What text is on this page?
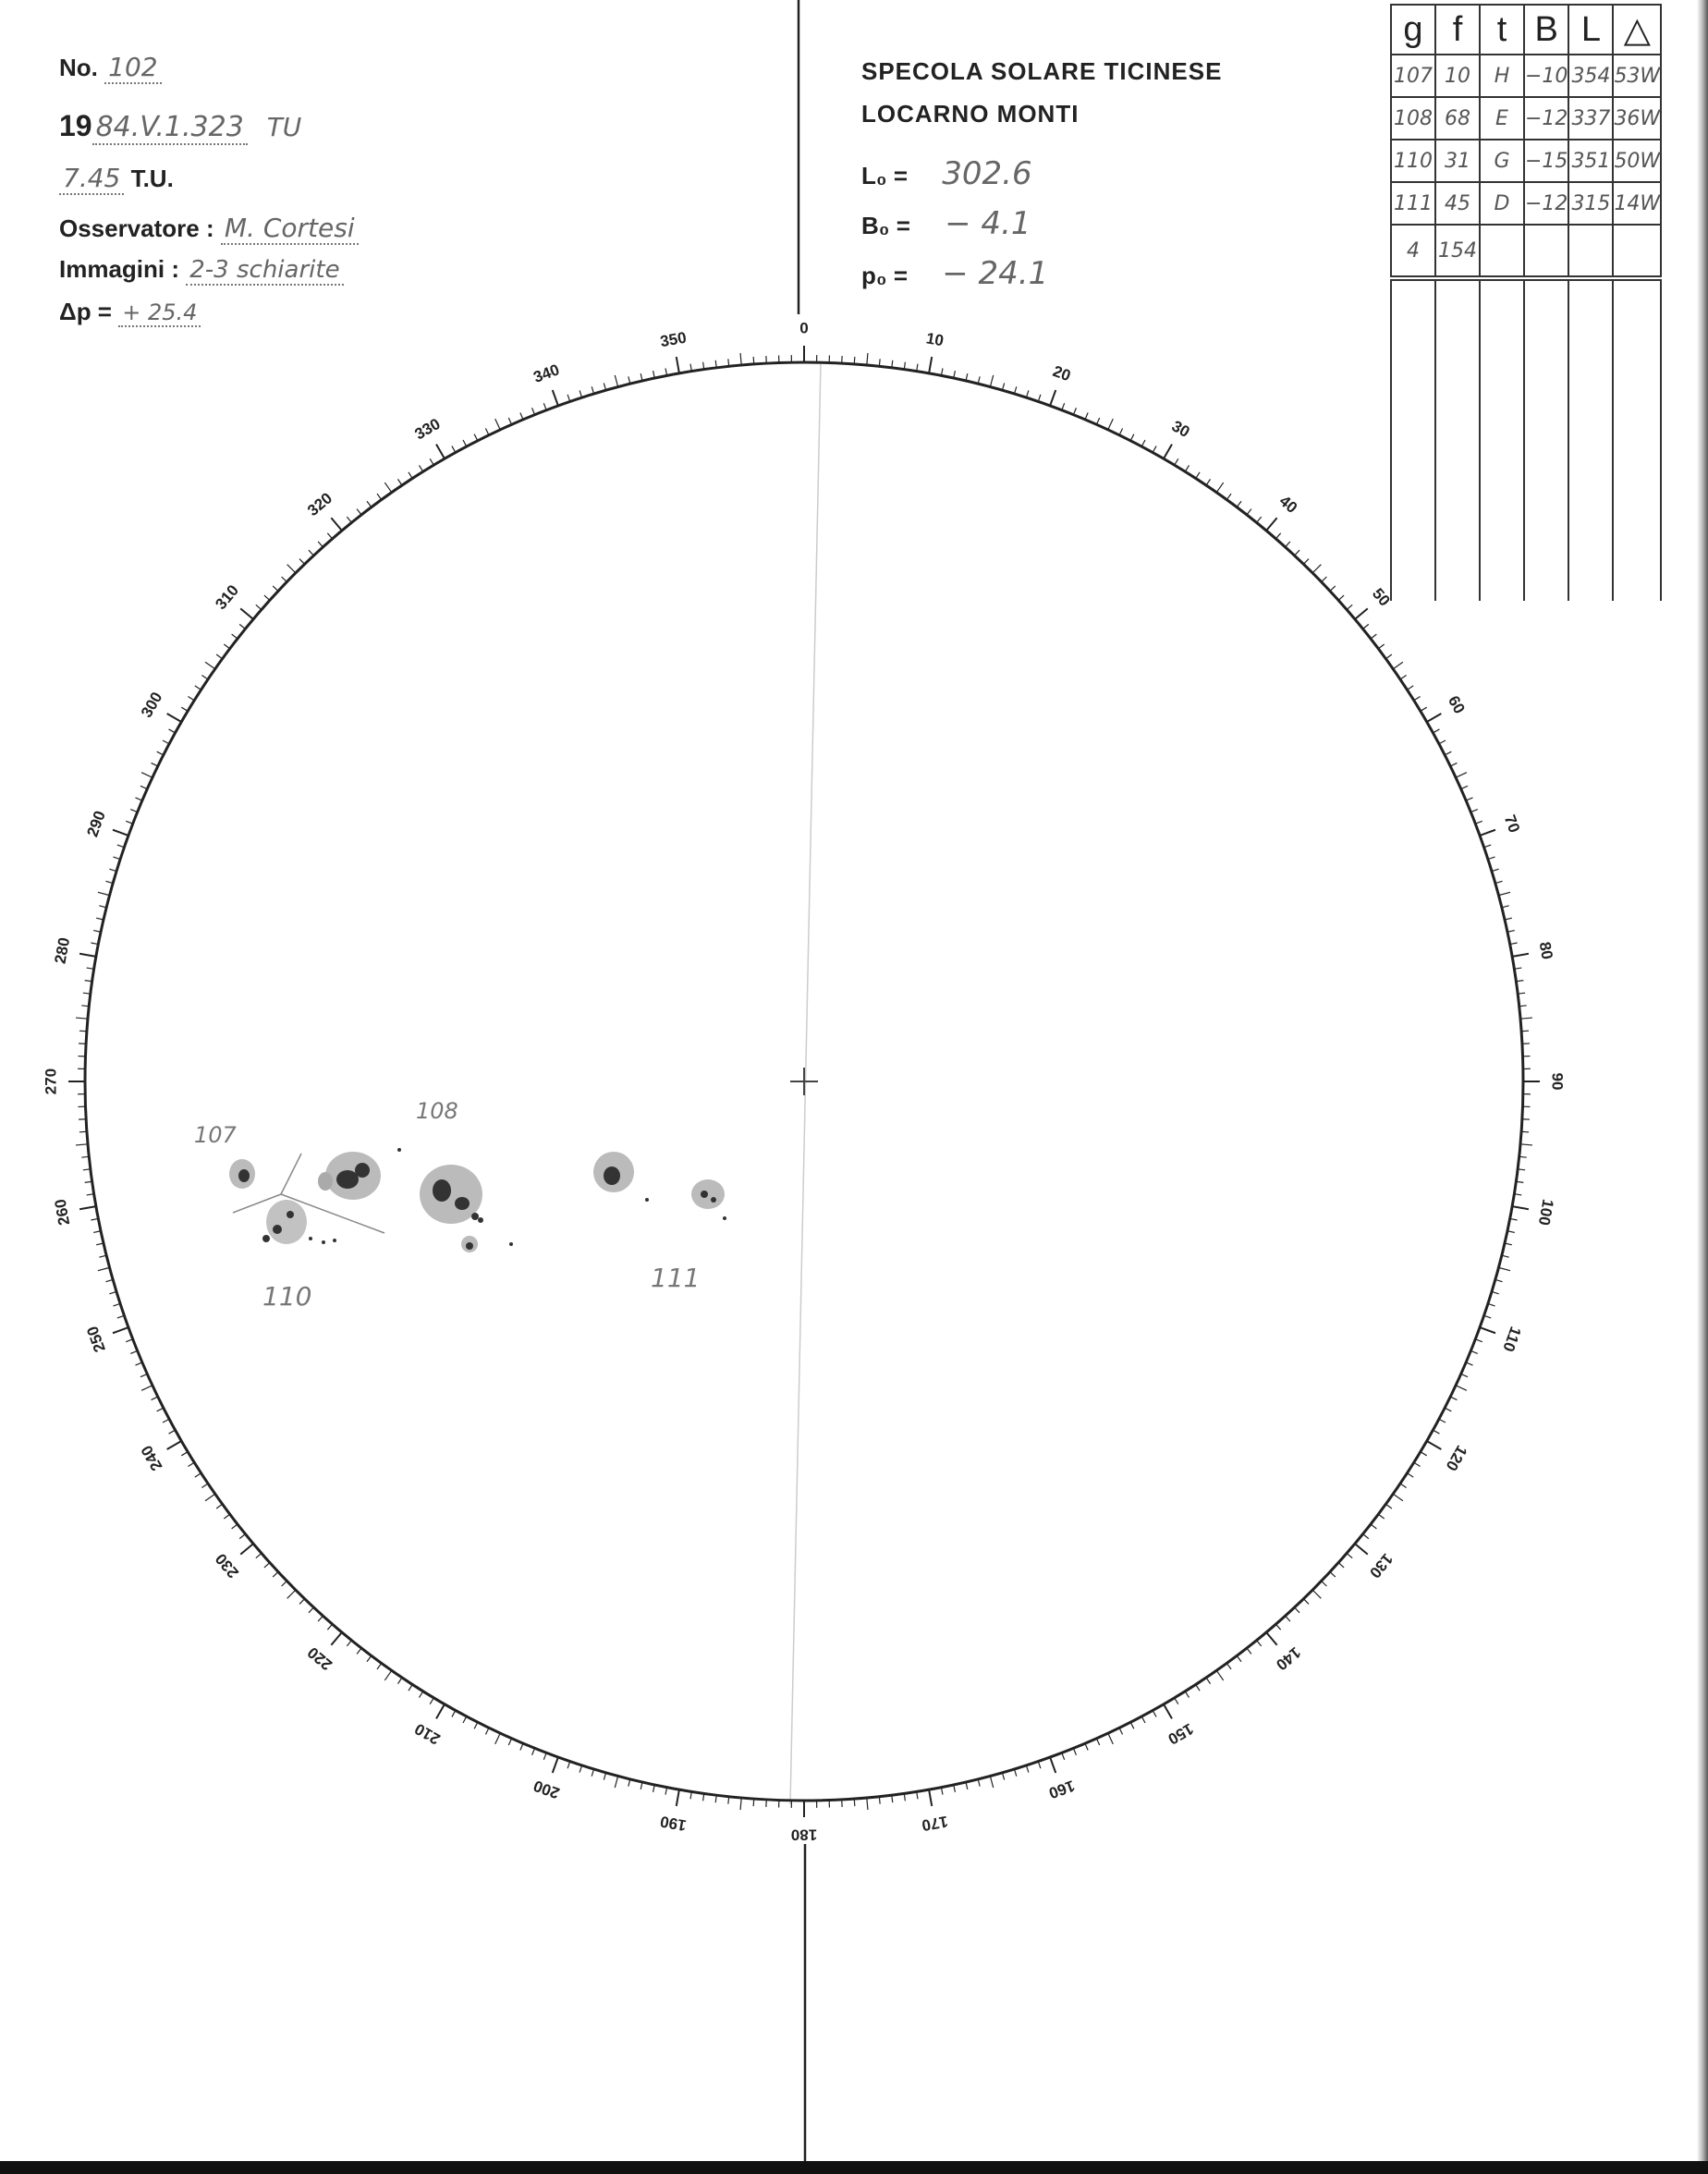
No. 102
19 84.V.1.323 TU
7.45 T.U.
Osservatore : M. Cortesi
Immagini : 2-3 schiarite
Δp = + 25.4
SPECOLA SOLARE TICINESE
LOCARNO MONTI
L₀ = 302.6
B₀ = − 4.1
p₀ = − 24.1
g	f	t	B	L	△
107	10	H	−10	354	53W
108	68	E	−12	337	36W
110	31	G	−15	351	50W
111	45	D	−12	315	14W
4	154				

0
10
20
30
40
50
60
70
80
90
100
110
120
130
140
150
160
170
180
190
200
210
220
230
240
250
260
270
280
290
300
310
320
330
340
350
107
108
110
111
